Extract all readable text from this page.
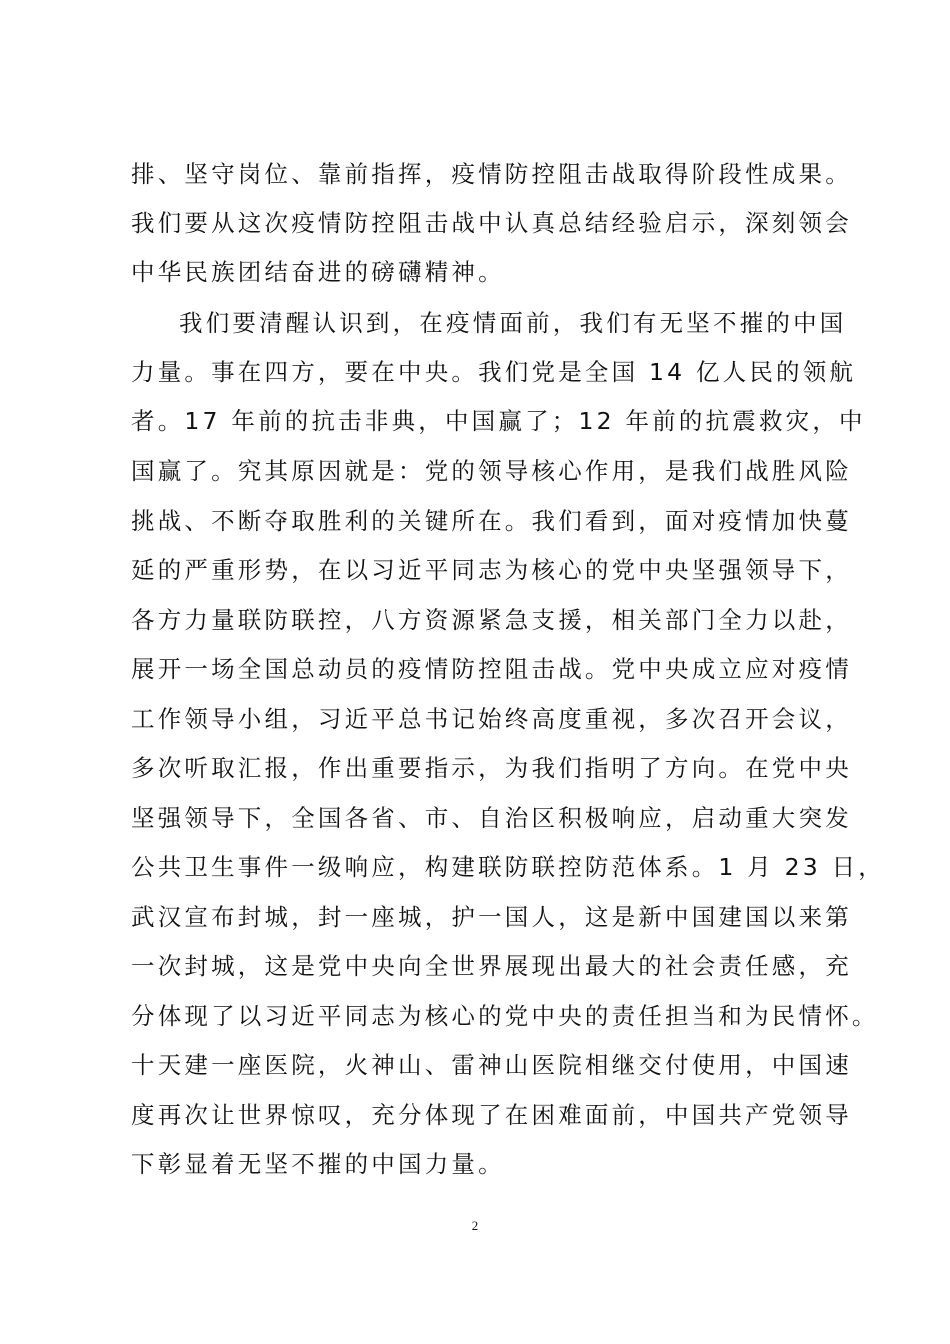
排、坚守岗位、靠前指挥，疫情防控阻击战取得阶段性成果。
我们要从这次疫情防控阻击战中认真总结经验启示，深刻领会
中华民族团结奋进的磅礴精神。
我们要清醒认识到，在疫情面前，我们有无坚不摧的中国
力量。事在四方，要在中央。我们党是全国 14 亿人民的领航
者。17 年前的抗击非典，中国赢了；12 年前的抗震救灾，中
国赢了。究其原因就是：党的领导核心作用，是我们战胜风险
挑战、不断夺取胜利的关键所在。我们看到，面对疫情加快蔓
延的严重形势，在以习近平同志为核心的党中央坚强领导下，
各方力量联防联控，八方资源紧急支援，相关部门全力以赴，
展开一场全国总动员的疫情防控阻击战。党中央成立应对疫情
工作领导小组，习近平总书记始终高度重视，多次召开会议，
多次听取汇报，作出重要指示，为我们指明了方向。在党中央
坚强领导下，全国各省、市、自治区积极响应，启动重大突发
公共卫生事件一级响应，构建联防联控防范体系。1 月 23 日，
武汉宣布封城，封一座城，护一国人，这是新中国建国以来第
一次封城，这是党中央向全世界展现出最大的社会责任感，充
分体现了以习近平同志为核心的党中央的责任担当和为民情怀。
十天建一座医院，火神山、雷神山医院相继交付使用，中国速
度再次让世界惊叹，充分体现了在困难面前，中国共产党领导
下彰显着无坚不摧的中国力量。
2
